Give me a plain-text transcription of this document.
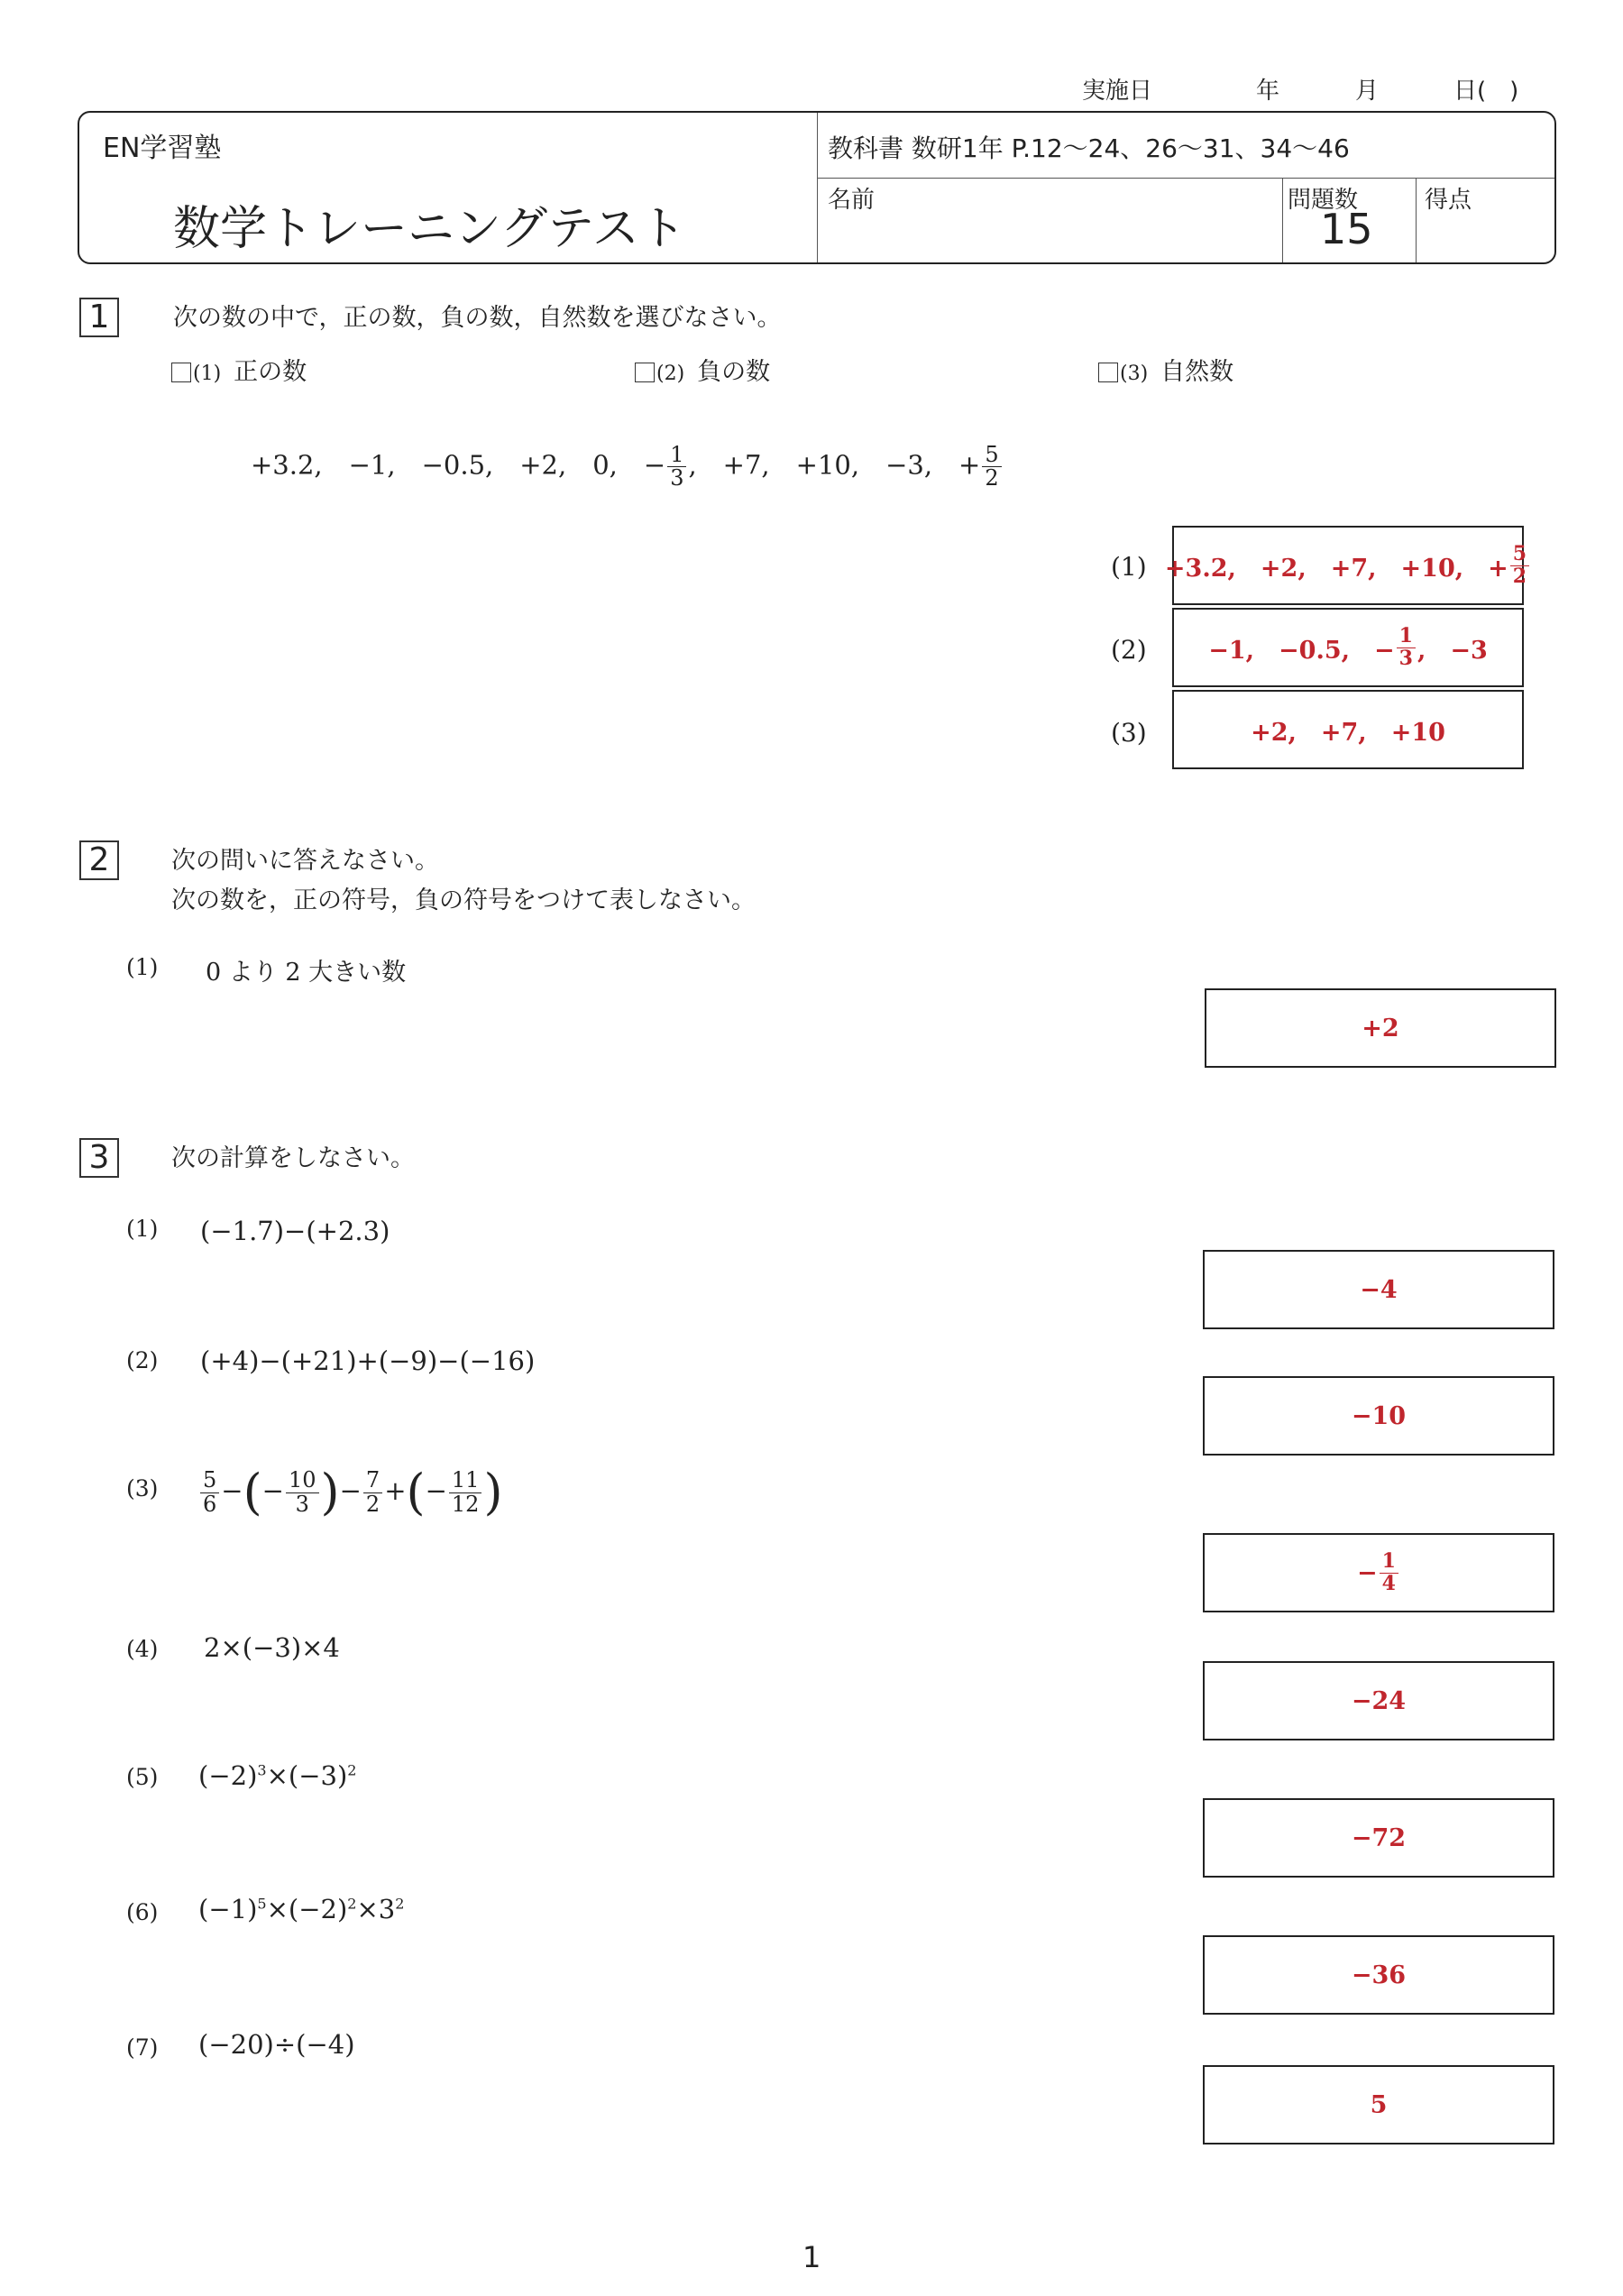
実施日	年	月	日(　)
EN学習塾
数学トレーニングテスト
教科書 数研1年 P.12〜24、26〜31、34〜46
名前	問題数
15
得点
1	次の数の中で，正の数，負の数，自然数を選びなさい。
(1) 正の数	(2) 負の数	(3) 自然数
+3.2,　−1,　−0.5,　+2,　0,　− $\frac{1}{3}$ ,　+7,　+10,　−3,　+ $\frac{5}{2}$
(1) +3.2,　+2,　+7,　+10,　+ $\frac{5}{2}$
(2)	−1,　−0.5,　− $\frac{1}{3}$ ,　−3
(3)	+2,　+7,　+10
2	次の問いに答えなさい。
次の数を，正の符号，負の符号をつけて表しなさい。
(1) 0 より 2 大きい数
+2
3	次の計算をしなさい。
(1) (−1.7)−(+2.3)
−4
(2) (+4)−(+21)+(−9)−(−16)
−10
$(3) \frac{5}{6}$ −(− $\frac{10}{3}$ )− $\frac{7}{2}$ +(− $\frac{11}{12}$ )
− $\frac{1}{4}$
(4) 2×(−3)×4
−24
(5) $(-2)^3\times(-3)^2$
−72
(6) $(-1)^5\times(-2)^2\times 3^2$
−36
(7) (−20)÷(−4)
5
1
